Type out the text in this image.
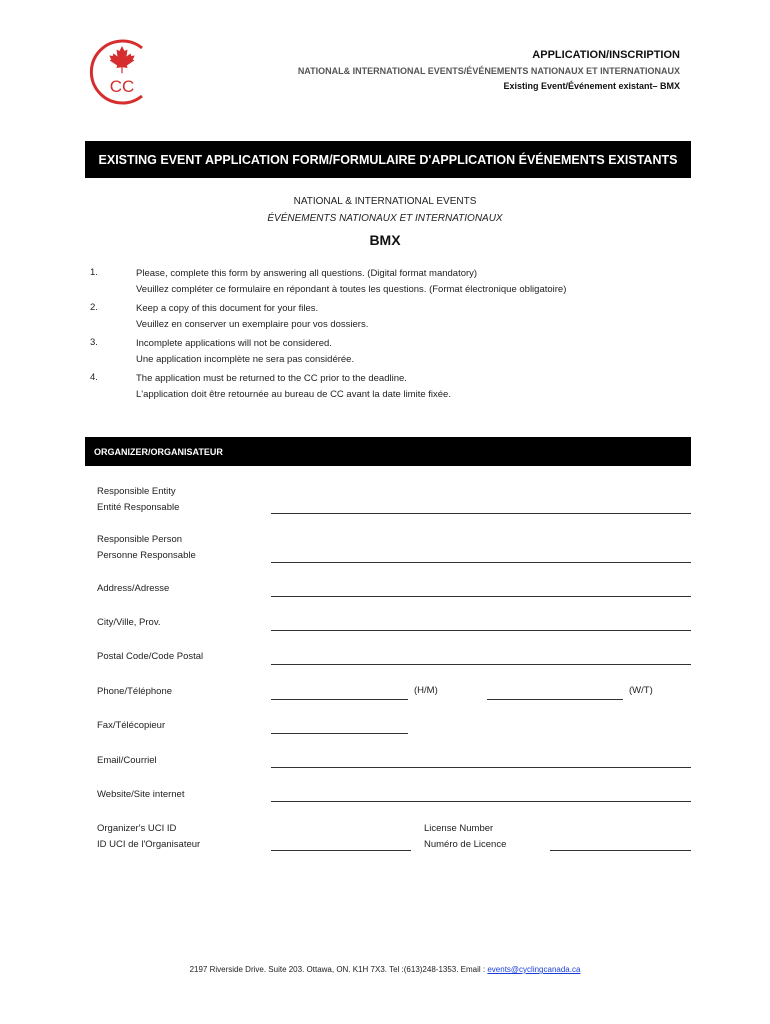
CC
APPLICATION/INSCRIPTION
NATIONAL& INTERNATIONAL EVENTS/ÉVÉNEMENTS NATIONAUX ET INTERNATIONAUX
Existing Event/Événement existant– BMX
EXISTING EVENT APPLICATION FORM/FORMULAIRE D'APPLICATION ÉVÉNEMENTS EXISTANTS
NATIONAL & INTERNATIONAL EVENTS
ÉVÉNEMENTS NATIONAUX ET INTERNATIONAUX
BMX
1.	Please, complete this form by answering all questions. (Digital format mandatory)
Veuillez compléter ce formulaire en répondant à toutes les questions. (Format électronique obligatoire)
2.	Keep a copy of this document for your files.
Veuillez en conserver un exemplaire pour vos dossiers.
3.	Incomplete applications will not be considered.
Une application incomplète ne sera pas considérée.
4.	The application must be returned to the CC prior to the deadline.
L'application doit être retournée au bureau de CC avant la date limite fixée.
ORGANIZER/ORGANISATEUR
Responsible Entity
Entité Responsable
Responsible Person
Personne Responsable
Address/Adresse
City/Ville, Prov.
Postal Code/Code Postal
Phone/Téléphone	(H/M)	(W/T)
Fax/Télécopieur
Email/Courriel
Website/Site internet
Organizer's UCI ID
ID UCI de l'Organisateur
License Number
Numéro de Licence
2197 Riverside Drive. Suite 203. Ottawa, ON. K1H 7X3. Tel :(613)248-1353. Email : events@cyclingcanada.ca
